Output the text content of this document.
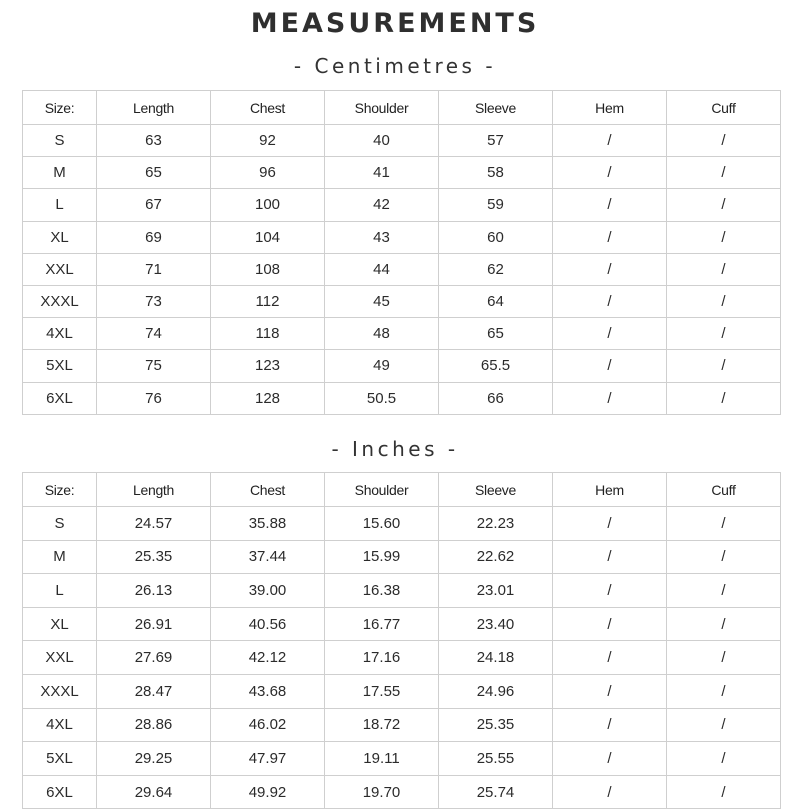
MEASUREMENTS
- Centimetres -
Size:	Length	Chest	Shoulder	Sleeve	Hem	Cuff
S	63	92	40	57	/	/
M	65	96	41	58	/	/
L	67	100	42	59	/	/
XL	69	104	43	60	/	/
XXL	71	108	44	62	/	/
XXXL	73	112	45	64	/	/
4XL	74	118	48	65	/	/
5XL	75	123	49	65.5	/	/
6XL	76	128	50.5	66	/	/
- Inches -
Size:	Length	Chest	Shoulder	Sleeve	Hem	Cuff
S	24.57	35.88	15.60	22.23	/	/
M	25.35	37.44	15.99	22.62	/	/
L	26.13	39.00	16.38	23.01	/	/
XL	26.91	40.56	16.77	23.40	/	/
XXL	27.69	42.12	17.16	24.18	/	/
XXXL	28.47	43.68	17.55	24.96	/	/
4XL	28.86	46.02	18.72	25.35	/	/
5XL	29.25	47.97	19.11	25.55	/	/
6XL	29.64	49.92	19.70	25.74	/	/
